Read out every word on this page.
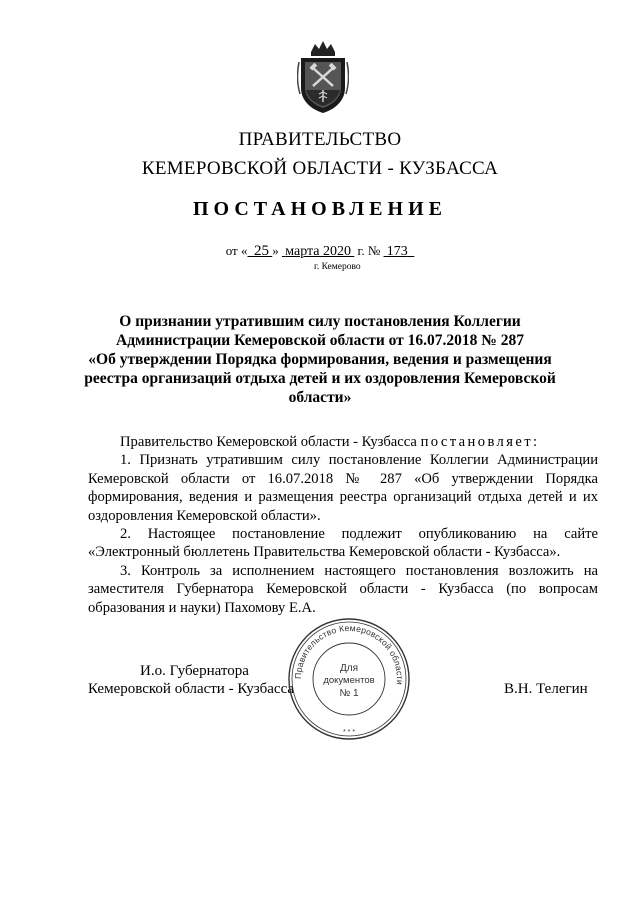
ПРАВИТЕЛЬСТВО
КЕМЕРОВСКОЙ ОБЛАСТИ - КУЗБАССА
ПОСТАНОВЛЕНИЕ
от « 25 » марта 2020 г. № 173
г. Кемерово
О признании утратившим силу постановления Коллегии
Администрации Кемеровской области от 16.07.2018 № 287
«Об утверждении Порядка формирования, ведения и размещения
реестра организаций отдыха детей и их оздоровления Кемеровской
области»

Правительство Кемеровской области - Кузбасса постановляет:

1. Признать утратившим силу постановление Коллегии Администрации Кемеровской области от 16.07.2018 № 287 «Об утверждении Порядка формирования, ведения и размещения реестра организаций отдыха детей и их оздоровления Кемеровской области».

2. Настоящее постановление подлежит опубликованию на сайте «Электронный бюллетень Правительства Кемеровской области - Кузбасса».

3. Контроль за исполнением настоящего постановления возложить на заместителя Губернатора Кемеровской области - Кузбасса (по вопросам образования и науки) Пахомову Е.А.

И.о. Губернатора
Кемеровской области - Кузбасса	В.Н. Телегин
Правительство Кемеровской области
* * *
Для
документов
№ 1
